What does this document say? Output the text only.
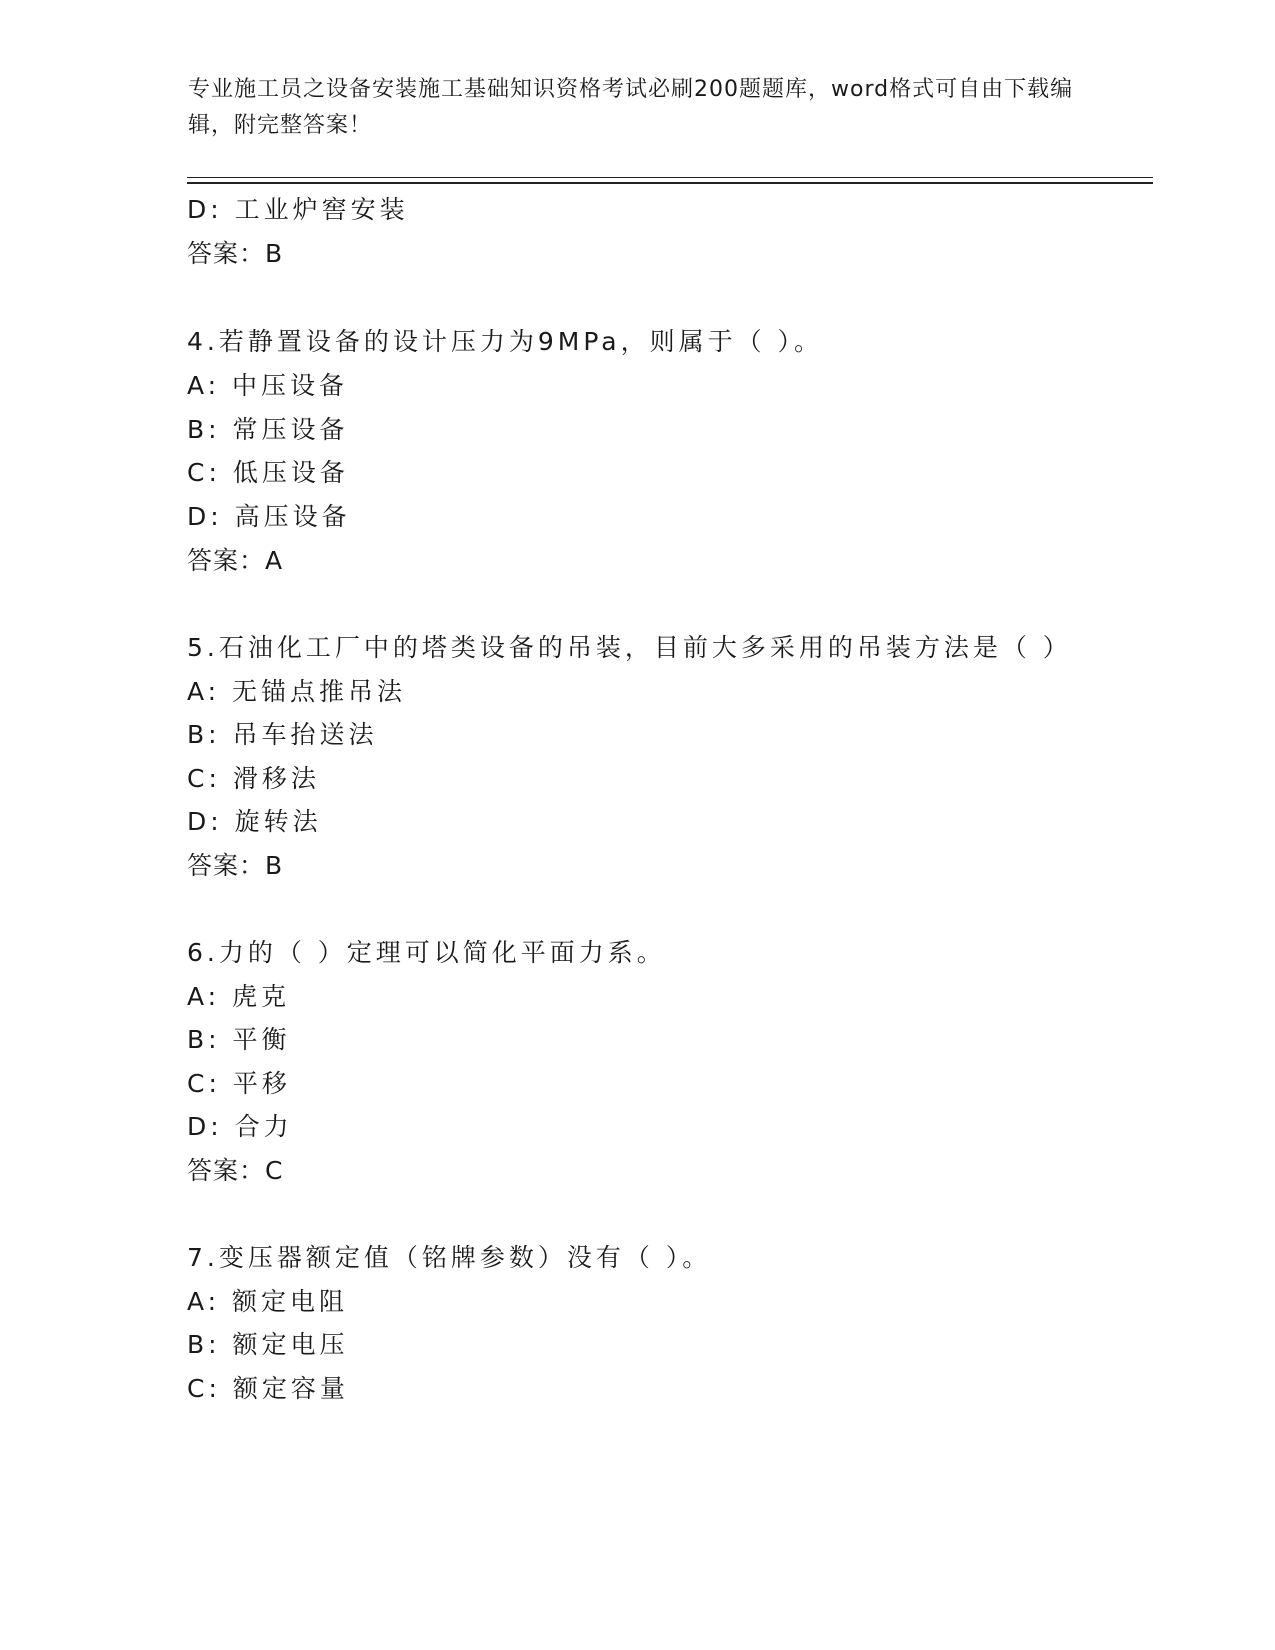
专业施工员之设备安装施工基础知识资格考试必刷200题题库，word格式可自由下载编辑，附完整答案！
D: 工业炉窖安装
答案：B
4.若静置设备的设计压力为9MPa，则属于（ ）。
A: 中压设备
B: 常压设备
C: 低压设备
D: 高压设备
答案：A
5.石油化工厂中的塔类设备的吊装，目前大多采用的吊装方法是（ ）
A: 无锚点推吊法
B: 吊车抬送法
C: 滑移法
D: 旋转法
答案：B
6.力的（ ）定理可以简化平面力系。
A: 虎克
B: 平衡
C: 平移
D: 合力
答案：C
7.变压器额定值（铭牌参数）没有（ ）。
A: 额定电阻
B: 额定电压
C: 额定容量
